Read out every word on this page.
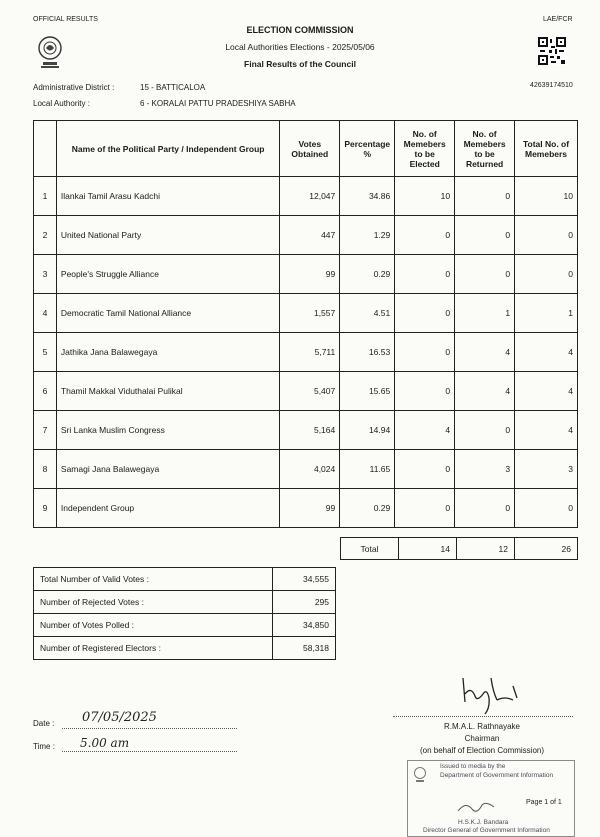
OFFICIAL RESULTS	LAE/FCR
ELECTION COMMISSION
Local Authorities Elections - 2025/05/06
Final Results of the Council
42639174510
Administrative District :	15 - BATTICALOA
Local Authority :	6 - KORALAI PATTU PRADESHIYA SABHA
	Name of the Political Party / Independent Group	Votes Obtained	Percentage %	No. of Memebers to be Elected	No. of Memebers to be Returned	Total No. of Memebers
1	Ilankai Tamil Arasu Kadchi	12,047	34.86	10	0	10
2	United National Party	447	1.29	0	0	0
3	People's Struggle Alliance	99	0.29	0	0	0
4	Democratic Tamil National Alliance	1,557	4.51	0	1	1
5	Jathika Jana Balawegaya	5,711	16.53	0	4	4
6	Thamil Makkal Viduthalai Pulikal	5,407	15.65	0	4	4
7	Sri Lanka Muslim Congress	5,164	14.94	4	0	4
8	Samagi Jana Balawegaya	4,024	11.65	0	3	3
9	Independent Group	99	0.29	0	0	0
Total	14	12	26
Total Number of Valid Votes :	34,555
Number of Rejected Votes :	295
Number of Votes Polled :	34,850
Number of Registered Electors :	58,318
Date : 07/05/2025
Time : 5.00 am
R.M.A.L. Rathnayake
Chairman
(on behalf of Election Commission)
Issued to media by the
Department of Government Information
Page 1 of 1
H.S.K.J. Bandara
Director General of Government Information
